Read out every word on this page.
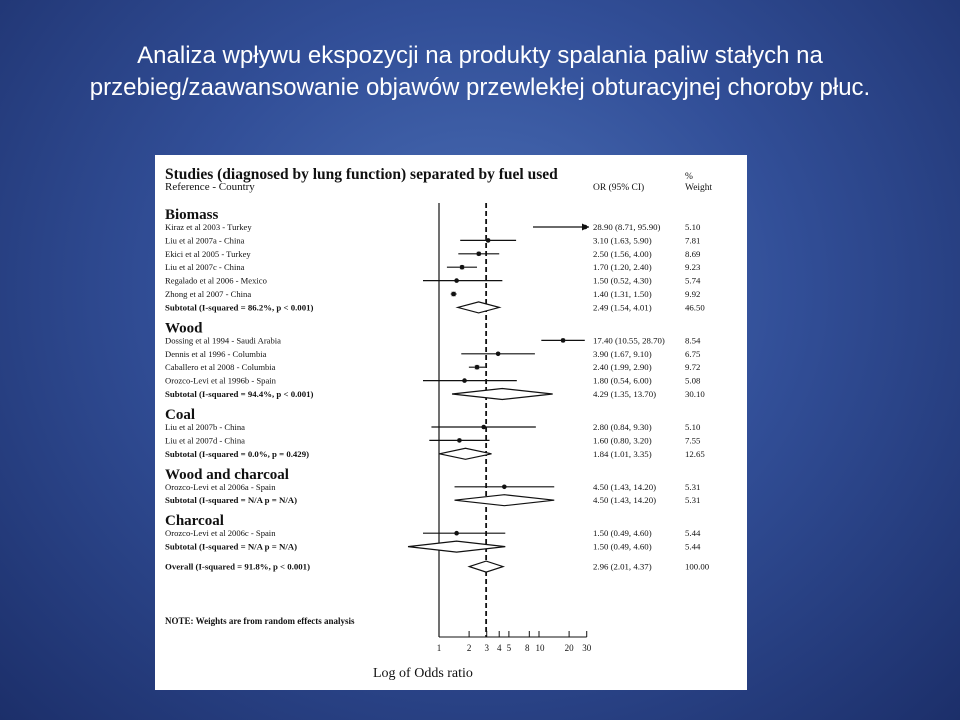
Analiza wpływu ekspozycji na produkty spalania paliw stałych na
przebieg/zaawansowanie objawów przewlekłej obturacyjnej choroby płuc.
Studies (diagnosed by lung function) separated by fuel used
Reference - Country	OR (95% CI)
%
Weight
Biomass
Kiraz et al 2003 - Turkey	28.90 (8.71, 95.90)	5.10
Liu et al 2007a - China	3.10 (1.63, 5.90)	7.81
Ekici et al 2005 - Turkey	2.50 (1.56, 4.00)	8.69
Liu et al 2007c - China	1.70 (1.20, 2.40)	9.23
Regalado et al 2006 - Mexico	1.50 (0.52, 4.30)	5.74
Zhong et al 2007 - China	1.40 (1.31, 1.50)	9.92
Subtotal (I-squared = 86.2%, p < 0.001)	2.49 (1.54, 4.01)	46.50
Wood
Dossing et al 1994 - Saudi Arabia	17.40 (10.55, 28.70) 8.54
Dennis et al 1996 - Columbia	3.90 (1.67, 9.10)	6.75
Caballero et al 2008 - Columbia	2.40 (1.99, 2.90)	9.72
Orozco-Levi et al 1996b - Spain	1.80 (0.54, 6.00)	5.08
Subtotal (I-squared = 94.4%, p < 0.001)	4.29 (1.35, 13.70)	30.10
Coal
Liu et al 2007b - China	2.80 (0.84, 9.30)	5.10
Liu et al 2007d - China	1.60 (0.80, 3.20)	7.55
Subtotal (I-squared = 0.0%, p = 0.429)	1.84 (1.01, 3.35)	12.65
Wood and charcoal
Orozco-Levi et al 2006a - Spain	4.50 (1.43, 14.20)	5.31
Subtotal (I-squared = N/A p = N/A)	4.50 (1.43, 14.20)	5.31
Charcoal
Orozco-Levi et al 2006c - Spain	1.50 (0.49, 4.60)	5.44
Subtotal (I-squared = N/A p = N/A)	1.50 (0.49, 4.60)	5.44
Overall (I-squared = 91.8%, p < 0.001)	2.96 (2.01, 4.37)	100.00
NOTE: Weights are from random effects analysis
1	2 3 4 5 8 10 20 30
Log of Odds ratio
